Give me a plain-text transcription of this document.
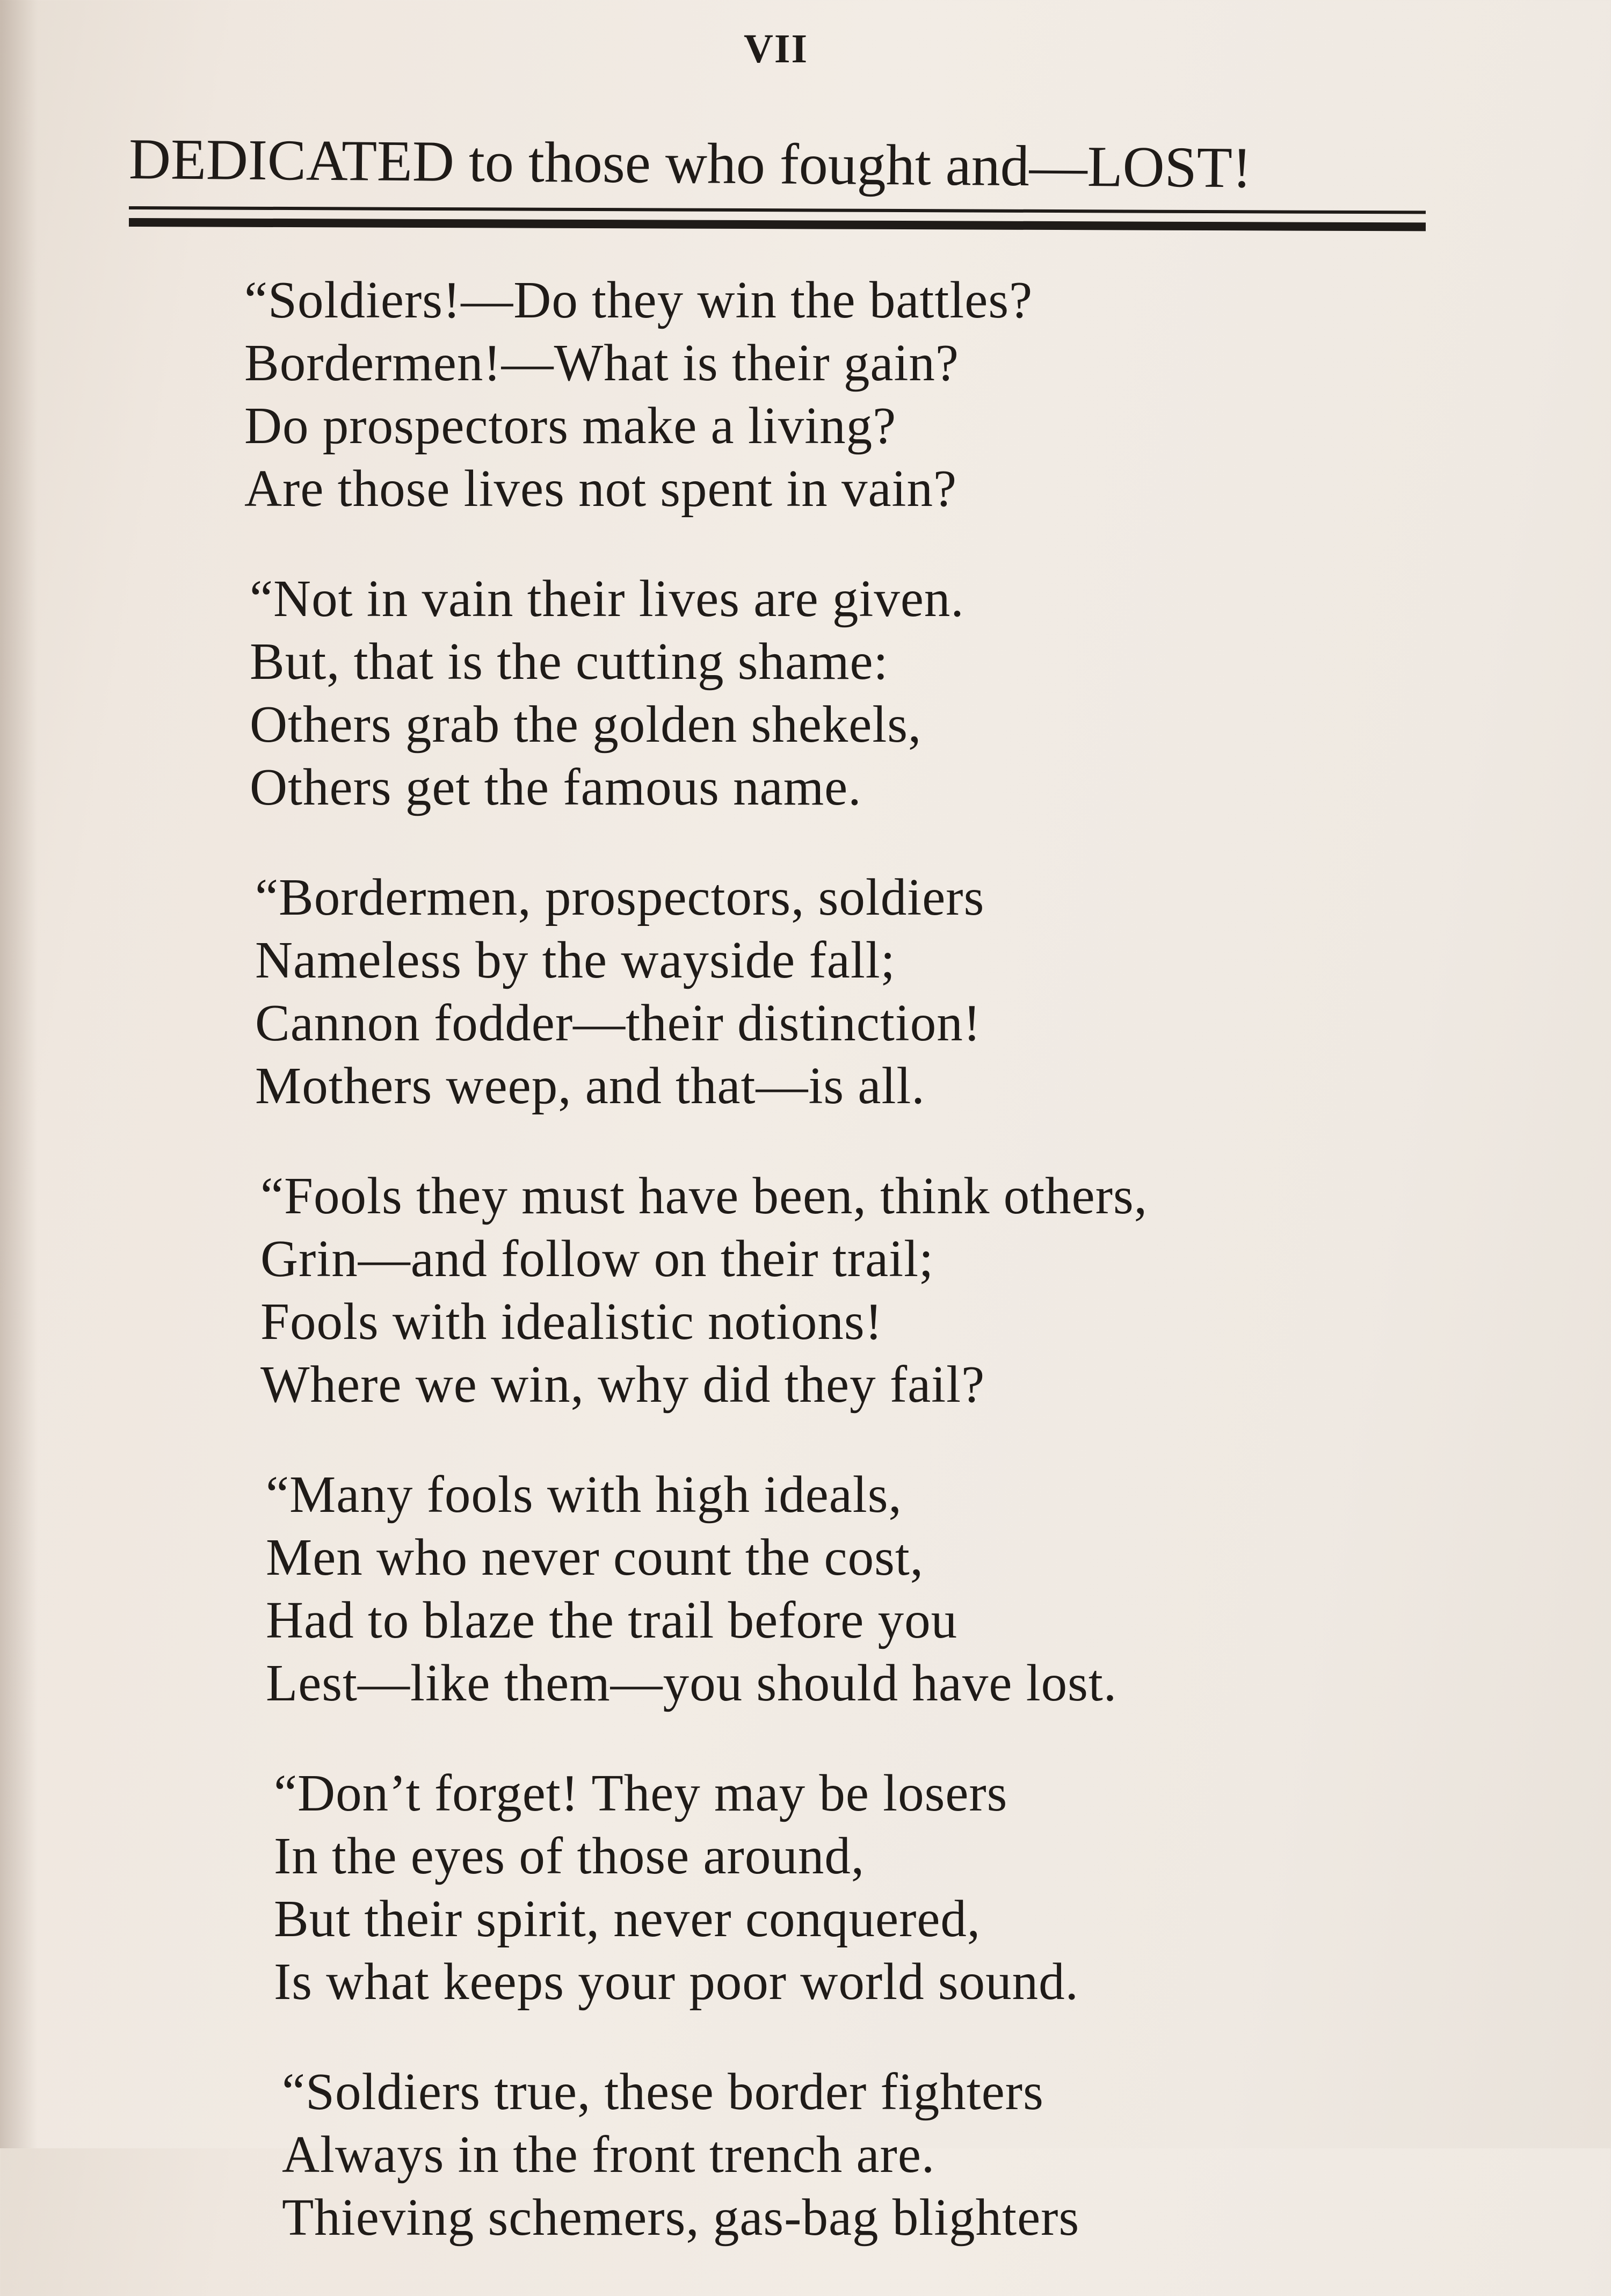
VII
DEDICATED to those who fought and—LOST!
“Soldiers!—Do they win the battles?
Bordermen!—What is their gain?
Do prospectors make a living?
Are those lives not spent in vain?
“Not in vain their lives are given.
But, that is the cutting shame:
Others grab the golden shekels,
Others get the famous name.
“Bordermen, prospectors, soldiers
Nameless by the wayside fall;
Cannon fodder—their distinction!
Mothers weep, and that—is all.
“Fools they must have been, think others,
Grin—and follow on their trail;
Fools with idealistic notions!
Where we win, why did they fail?
“Many fools with high ideals,
Men who never count the cost,
Had to blaze the trail before you
Lest—like them—you should have lost.
“Don’t forget! They may be losers
In the eyes of those around,
But their spirit, never conquered,
Is what keeps your poor world sound.
“Soldiers true, these border fighters
Always in the front trench are.
Thieving schemers, gas-bag blighters
